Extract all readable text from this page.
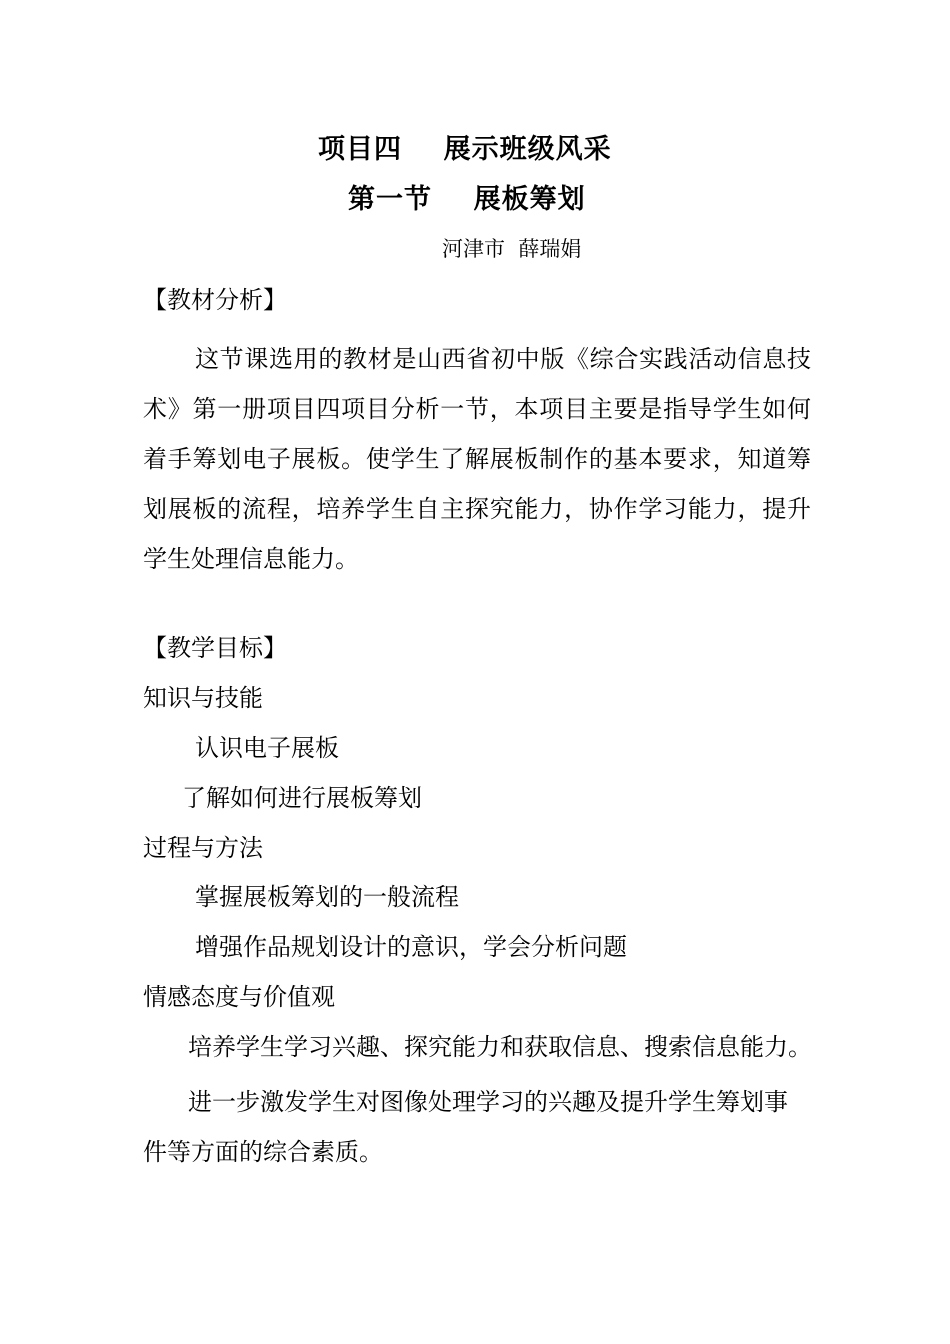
项目四    展示班级风采
第一节    展板筹划
河津市  薛瑞娟
【教材分析】
这节课选用的教材是山西省初中版《综合实践活动信息技术》第一册项目四项目分析一节，本项目主要是指导学生如何着手筹划电子展板。使学生了解展板制作的基本要求，知道筹划展板的流程，培养学生自主探究能力，协作学习能力，提升学生处理信息能力。
【教学目标】
知识与技能
认识电子展板
了解如何进行展板筹划
过程与方法
掌握展板筹划的一般流程
增强作品规划设计的意识，学会分析问题
情感态度与价值观
培养学生学习兴趣、探究能力和获取信息、搜索信息能力。
进一步激发学生对图像处理学习的兴趣及提升学生筹划事件等方面的综合素质。
